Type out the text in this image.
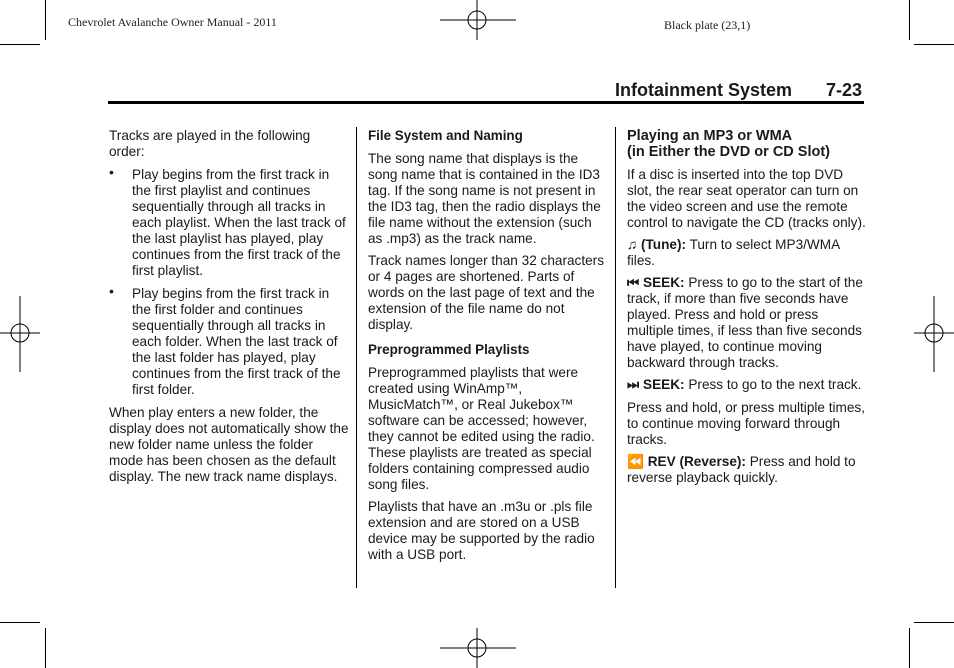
Chevrolet Avalanche Owner Manual - 2011	Black plate (23,1)
Infotainment System 7-23

Tracks are played in the following order:

• Play begins from the first track in the first playlist and continues sequentially through all tracks in each playlist. When the last track of the last playlist has played, play continues from the first track of the first playlist.
• Play begins from the first track in the first folder and continues sequentially through all tracks in each folder. When the last track of the last folder has played, play continues from the first track of the first folder.

When play enters a new folder, the display does not automatically show the new folder name unless the folder mode has been chosen as the default display. The new track name displays.

File System and Naming

The song name that displays is the song name that is contained in the ID3 tag. If the song name is not present in the ID3 tag, then the radio displays the file name without the extension (such as .mp3) as the track name.

Track names longer than 32 characters or 4 pages are shortened. Parts of words on the last page of text and the extension of the file name do not display.

Preprogrammed Playlists

Preprogrammed playlists that were created using WinAmp™, MusicMatch™, or Real Jukebox™ software can be accessed; however, they cannot be edited using the radio. These playlists are treated as special folders containing compressed audio song files.

Playlists that have an .m3u or .pls file extension and are stored on a USB device may be supported by the radio with a USB port.

Playing an MP3 or WMA
(in Either the DVD or CD Slot)

If a disc is inserted into the top DVD slot, the rear seat operator can turn on the video screen and use the remote control to navigate the CD (tracks only).

♫ (Tune): Turn to select MP3/WMA files.

⏮ SEEK: Press to go to the start of the track, if more than five seconds have played. Press and hold or press multiple times, if less than five seconds have played, to continue moving backward through tracks.

⏭ SEEK: Press to go to the next track.

Press and hold, or press multiple times, to continue moving forward through tracks.

⏪ REV (Reverse): Press and hold to reverse playback quickly.
